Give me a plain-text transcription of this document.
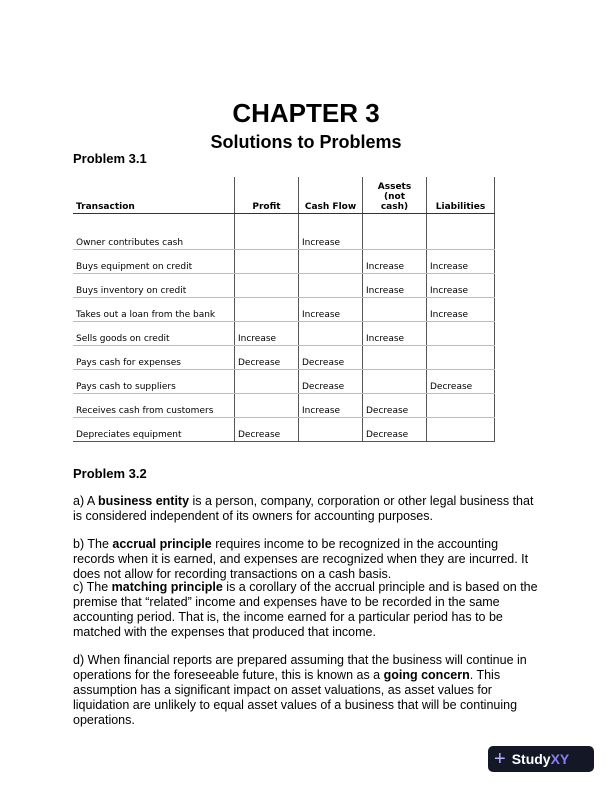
CHAPTER 3
Solutions to Problems
Problem 3.1
Transaction	Profit	Cash Flow	Assets (not cash)	Liabilities
Owner contributes cash		Increase		
Buys equipment on credit			Increase	Increase
Buys inventory on credit			Increase	Increase
Takes out a loan from the bank		Increase		Increase
Sells goods on credit	Increase		Increase	
Pays cash for expenses	Decrease	Decrease		
Pays cash to suppliers		Decrease		Decrease
Receives cash from customers		Increase	Decrease	
Depreciates equipment	Decrease		Decrease	
Problem 3.2
a) A business entity is a person, company, corporation or other legal business that is considered independent of its owners for accounting purposes.
b) The accrual principle requires income to be recognized in the accounting records when it is earned, and expenses are recognized when they are incurred. It does not allow for recording transactions on a cash basis.
c) The matching principle is a corollary of the accrual principle and is based on the premise that “related” income and expenses have to be recorded in the same accounting period. That is, the income earned for a particular period has to be matched with the expenses that produced that income.
d) When financial reports are prepared assuming that the business will continue in operations for the foreseeable future, this is known as a going concern. This assumption has a significant impact on asset valuations, as asset values for liquidation are unlikely to equal asset values of a business that will be continuing operations.
+ Study XY
